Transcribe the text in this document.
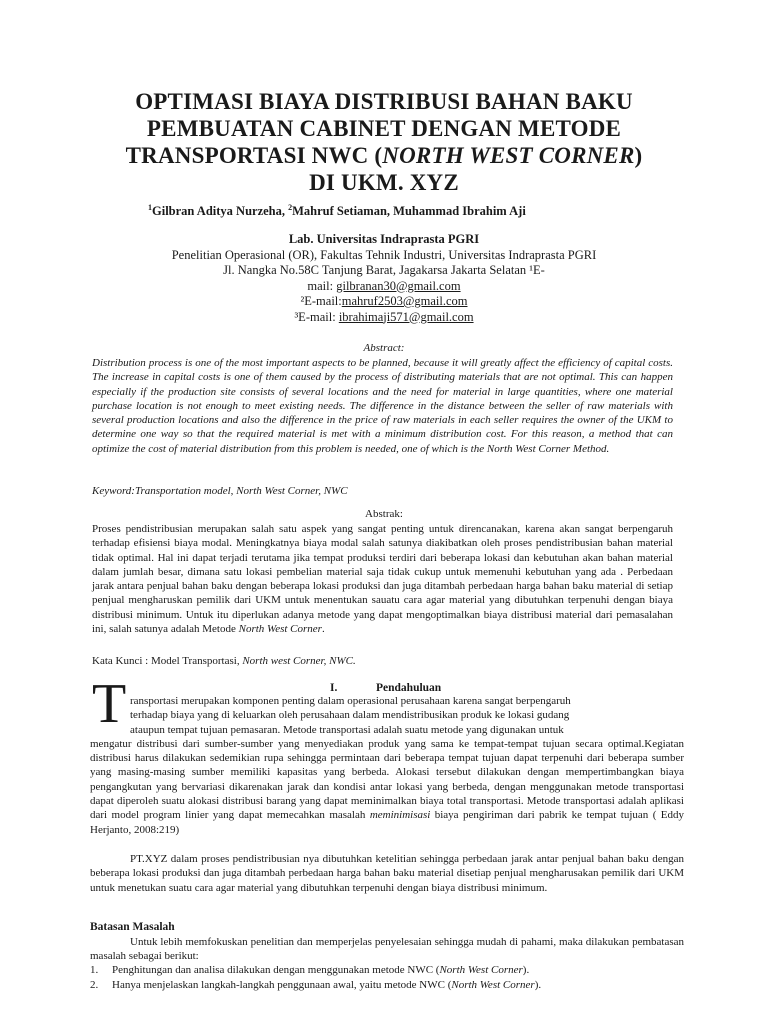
OPTIMASI BIAYA DISTRIBUSI BAHAN BAKU
PEMBUATAN CABINET DENGAN METODE
TRANSPORTASI NWC (NORTH WEST CORNER)
DI UKM. XYZ
$^1$Gilbran Aditya Nurzeha, $^2$Mahruf Setiaman, Muhammad Ibrahim Aji
Lab. Universitas Indraprasta PGRI
Penelitian Operasional (OR), Fakultas Tehnik Industri, Universitas Indraprasta PGRI
Jl. Nangka No.58C Tanjung Barat, Jagakarsa Jakarta Selatan ¹E-
mail: gilbranan30@gmail.com
²E-mail:mahruf2503@gmail.com
³E-mail: ibrahimaji571@gmail.com
Abstract:
Distribution process is one of the most important aspects to be planned, because it will greatly affect the efficiency of capital costs. The increase in capital costs is one of them caused by the process of distributing materials that are not optimal. This can happen especially if the production site consists of several locations and the need for material in large quantities, where one material purchase location is not enough to meet existing needs. The difference in the distance between the seller of raw materials with several production locations and also the difference in the price of raw materials in each seller requires the owner of the UKM to determine one way so that the required material is met with a minimum distribution cost. For this reason, a method that can optimize the cost of material distribution from this problem is needed, one of which is the North West Corner Method.
Keyword:Transportation model, North West Corner, NWC
Abstrak:
Proses pendistribusian merupakan salah satu aspek yang sangat penting untuk direncanakan, karena akan sangat berpengaruh terhadap efisiensi biaya modal. Meningkatnya biaya modal salah satunya diakibatkan oleh proses pendistribusian bahan material tidak optimal. Hal ini dapat terjadi terutama jika tempat produksi terdiri dari beberapa lokasi dan kebutuhan akan bahan material dalam jumlah besar, dimana satu lokasi pembelian material saja tidak cukup untuk memenuhi kebutuhan yang ada . Perbedaan jarak antara penjual bahan baku dengan beberapa lokasi produksi dan juga ditambah perbedaan harga bahan baku material di setiap penjual mengharuskan pemilik dari UKM untuk menentukan sauatu cara agar material yang dibutuhkan terpenuhi dengan biaya distribusi minimum. Untuk itu diperlukan adanya metode yang dapat mengoptimalkan biaya distribusi material dari pemasalahan ini, salah satunya adalah Metode North West Corner.
Kata Kunci : Model Transportasi, North west Corner, NWC.
I.	Pendahuluan
T ransportasi merupakan komponen penting dalam operasional perusahaan karena sangat berpengaruh
terhadap biaya yang di keluarkan oleh perusahaan dalam mendistribusikan produk ke lokasi gudang
ataupun tempat tujuan pemasaran. Metode transportasi adalah suatu metode yang digunakan untuk
mengatur distribusi dari sumber-sumber yang menyediakan produk yang sama ke tempat-tempat tujuan secara optimal.Kegiatan distribusi harus dilakukan sedemikian rupa sehingga permintaan dari beberapa tempat tujuan dapat terpenuhi dari beberapa sumber yang masing-masing sumber memiliki kapasitas yang berbeda. Alokasi tersebut dilakukan dengan mempertimbangkan biaya pengangkutan yang bervariasi dikarenakan jarak dan kondisi antar lokasi yang berbeda, dengan menggunakan metode transportasi dapat diperoleh suatu alokasi distribusi barang yang dapat meminimalkan biaya total transportasi. Metode transportasi adalah aplikasi dari model program linier yang dapat memecahkan masalah meminimisasi biaya pengiriman dari pabrik ke tempat tujuan ( Eddy Herjanto, 2008:219)
PT.XYZ dalam proses pendistribusian nya dibutuhkan ketelitian sehingga perbedaan jarak antar penjual bahan baku dengan beberapa lokasi produksi dan juga ditambah perbedaan harga bahan baku material disetiap penjual mengharusakan pemilik dari UKM untuk menetukan suatu cara agar material yang dibutuhkan terpenuhi dengan biaya distribusi minimum.
Batasan Masalah
Untuk lebih memfokuskan penelitian dan memperjelas penyelesaian sehingga mudah di pahami, maka dilakukan pembatasan masalah sebagai berikut:
1. Penghitungan dan analisa dilakukan dengan menggunakan metode NWC (North West Corner).
2. Hanya menjelaskan langkah-langkah penggunaan awal, yaitu metode NWC (North West Corner).
